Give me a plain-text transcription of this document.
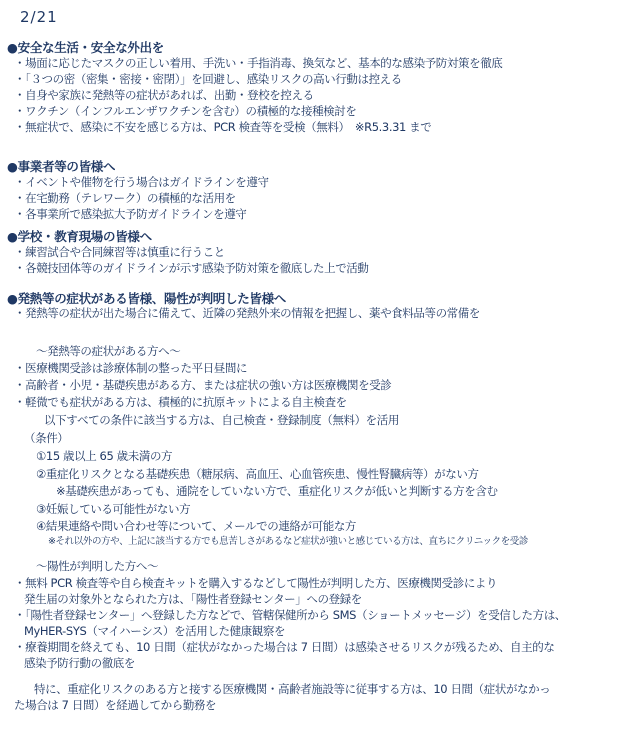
2/21
●安全な生活・安全な外出を
・場面に応じたマスクの正しい着用、手洗い・手指消毒、換気など、基本的な感染予防対策を徹底
・「３つの密（密集・密接・密閉）」を回避し、感染リスクの高い行動は控える
・自身や家族に発熱等の症状があれば、出勤・登校を控える
・ワクチン（インフルエンザワクチンを含む）の積極的な接種検討を
・無症状で、感染に不安を感じる方は、PCR 検査等を受検（無料）　※R5.3.31 まで
●事業者等の皆様へ
・イベントや催物を行う場合はガイドラインを遵守
・在宅勤務（テレワーク）の積極的な活用を
・各事業所で感染拡大予防ガイドラインを遵守
●学校・教育現場の皆様へ
・練習試合や合同練習等は慎重に行うこと
・各競技団体等のガイドラインが示す感染予防対策を徹底した上で活動
●発熱等の症状がある皆様、陽性が判明した皆様へ
・発熱等の症状が出た場合に備えて、近隣の発熱外来の情報を把握し、薬や食料品等の常備を
～発熱等の症状がある方へ～
・医療機関受診は診療体制の整った平日昼間に
・高齢者・小児・基礎疾患がある方、または症状の強い方は医療機関を受診
・軽微でも症状がある方は、積極的に抗原キットによる自主検査を
以下すべての条件に該当する方は、自己検査・登録制度（無料）を活用
（条件）
①15 歳以上 65 歳未満の方
②重症化リスクとなる基礎疾患（糖尿病、高血圧、心血管疾患、慢性腎臓病等）がない方
※基礎疾患があっても、通院をしていない方で、重症化リスクが低いと判断する方を含む
③妊娠している可能性がない方
④結果連絡や問い合わせ等について、メールでの連絡が可能な方
※それ以外の方や、上記に該当する方でも息苦しさがあるなど症状が強いと感じている方は、直ちにクリニックを受診
～陽性が判明した方へ～
・無料 PCR 検査等や自ら検査キットを購入するなどして陽性が判明した方、医療機関受診により
発生届の対象外となられた方は、「陽性者登録センター」への登録を
・「陽性者登録センター」へ登録した方などで、管轄保健所から SMS（ショートメッセージ）を受信した方は、
MyHER-SYS（マイハーシス）を活用した健康観察を
・療養期間を終えても、10 日間（症状がなかった場合は 7 日間）は感染させるリスクが残るため、自主的な
感染予防行動の徹底を
特に、重症化リスクのある方と接する医療機関・高齢者施設等に従事する方は、10 日間（症状がなかっ
た場合は 7 日間）を経過してから勤務を
